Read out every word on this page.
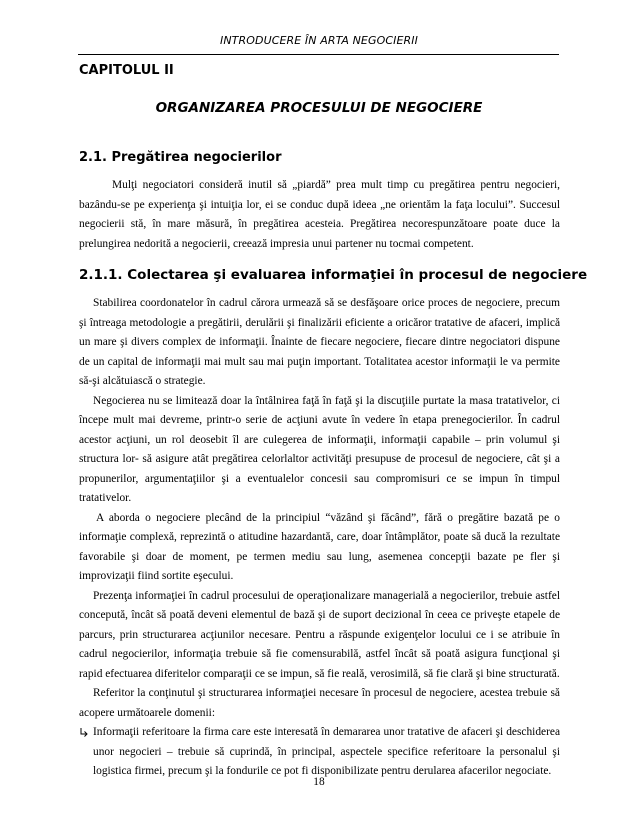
INTRODUCERE ÎN ARTA NEGOCIERII
CAPITOLUL II
ORGANIZAREA PROCESULUI DE NEGOCIERE
2.1. Pregătirea negocierilor

Mulţi negociatori consideră inutil să „piardă” prea mult timp cu pregătirea pentru negocieri, bazându-se pe experienţa şi intuiţia lor, ei se conduc după ideea „ne orientăm la faţa locului”. Succesul negocierii stă, în mare măsură, în pregătirea acesteia. Pregătirea necorespunzătoare poate duce la prelungirea nedorită a negocierii, creează impresia unui partener nu tocmai competent.

2.1.1. Colectarea şi evaluarea informaţiei în procesul de negociere

Stabilirea coordonatelor în cadrul cărora urmează să se desfăşoare orice proces de negociere, precum şi întreaga metodologie a pregătirii, derulării şi finalizării eficiente a oricăror tratative de afaceri, implică un mare şi divers complex de informaţii. Înainte de fiecare negociere, fiecare dintre negociatori dispune de un capital de informaţii mai mult sau mai puţin important. Totalitatea acestor informaţii le va permite să-şi alcătuiască o strategie.

Negocierea nu se limitează doar la întâlnirea faţă în faţă şi la discuţiile purtate la masa tratativelor, ci începe mult mai devreme, printr-o serie de acţiuni avute în vedere în etapa prenegocierilor. În cadrul acestor acţiuni, un rol deosebit îl are culegerea de informaţii, informaţii capabile – prin volumul şi structura lor- să asigure atât pregătirea celorlaltor activităţi presupuse de procesul de negociere, cât şi a propunerilor, argumentaţiilor şi a eventualelor concesii sau compromisuri ce se impun în timpul tratativelor.

A aborda o negociere plecând de la principiul “văzând şi făcând”, fără o pregătire bazată pe o informaţie complexă, reprezintă o atitudine hazardantă, care, doar întâmplător, poate să ducă la rezultate favorabile şi doar de moment, pe termen mediu sau lung, asemenea concepţii bazate pe fler şi improvizaţii fiind sortite eşecului.

Prezenţa informaţiei în cadrul procesului de operaţionalizare managerială a negocierilor, trebuie astfel concepută, încât să poată deveni elementul de bază şi de suport decizional în ceea ce priveşte etapele de parcurs, prin structurarea acţiunilor necesare. Pentru a răspunde exigenţelor locului ce i se atribuie în cadrul negocierilor, informaţia trebuie să fie comensurabilă, astfel încât să poată asigura funcţional şi rapid efectuarea diferitelor comparaţii ce se impun, să fie reală, verosimilă, să fie clară şi bine structurată.

Referitor la conţinutul şi structurarea informaţiei necesare în procesul de negociere, acestea trebuie să acopere următoarele domenii:

Informaţii referitoare la firma care este interesată în demararea unor tratative de afaceri şi deschiderea unor negocieri – trebuie să cuprindă, în principal, aspectele specifice referitoare la personalul şi logistica firmei, precum şi la fondurile ce pot fi disponibilizate pentru derularea afacerilor negociate.
18
